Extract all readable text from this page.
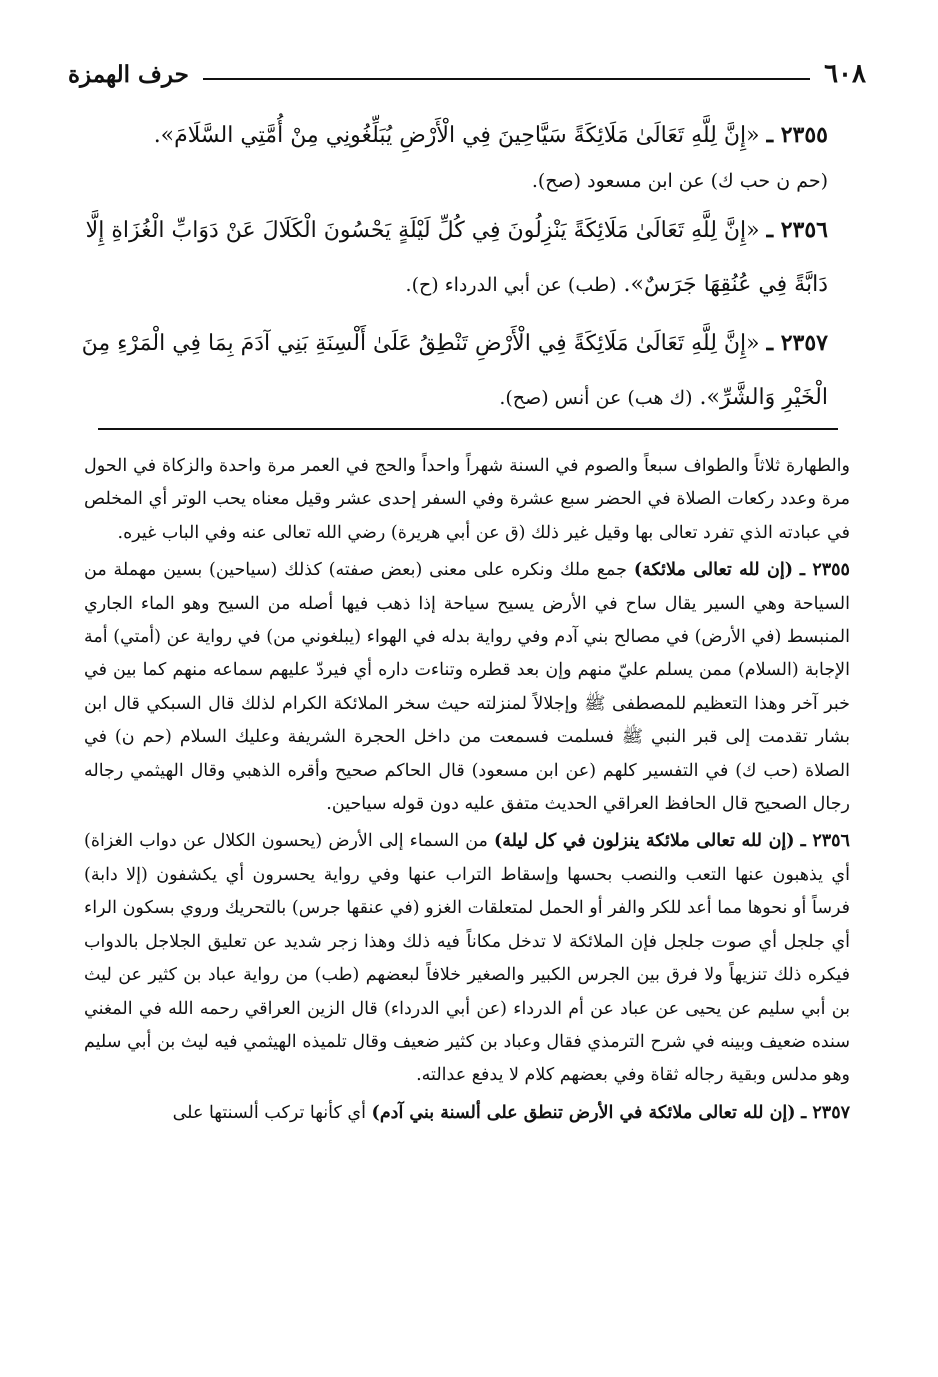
٦٠٨
حرف الهمزة

٢٣٥٥ ـ «إِنَّ لِلَّهِ تَعَالَىٰ مَلَائِكَةً سَيَّاحِينَ فِي الْأَرْضِ يُبَلِّغُونِي مِنْ أُمَّتِي السَّلَامَ».

(حم ن حب ك) عن ابن مسعود (صح).

٢٣٥٦ ـ «إِنَّ لِلَّهِ تَعَالَىٰ مَلَائِكَةً يَنْزِلُونَ فِي كُلِّ لَيْلَةٍ يَحْسُونَ الْكَلَالَ عَنْ دَوَابِّ الْغُزَاةِ إِلَّا دَابَّةً فِي عُنُقِهَا جَرَسٌ». (طب) عن أبي الدرداء (ح).

٢٣٥٧ ـ «إِنَّ لِلَّهِ تَعَالَىٰ مَلَائِكَةً فِي الْأَرْضِ تَنْطِقُ عَلَىٰ أَلْسِنَةِ بَنِي آدَمَ بِمَا فِي الْمَرْءِ مِنَ الْخَيْرِ وَالشَّرِّ». (ك هب) عن أنس (صح).

والطهارة ثلاثاً والطواف سبعاً والصوم في السنة شهراً واحداً والحج في العمر مرة واحدة والزكاة في الحول مرة وعدد ركعات الصلاة في الحضر سبع عشرة وفي السفر إحدى عشر وقيل معناه يحب الوتر أي المخلص في عبادته الذي تفرد تعالى بها وقيل غير ذلك (ق عن أبي هريرة) رضي الله تعالى عنه وفي الباب غيره.

٢٣٥٥ ـ (إن لله تعالى ملائكة) جمع ملك ونكره على معنى (بعض صفته) كذلك (سياحين) بسين مهملة من السياحة وهي السير يقال ساح في الأرض يسيح سياحة إذا ذهب فيها أصله من السيح وهو الماء الجاري المنبسط (في الأرض) في مصالح بني آدم وفي رواية بدله في الهواء (يبلغوني من) في رواية عن (أمتي) أمة الإجابة (السلام) ممن يسلم عليّ منهم وإن بعد قطره وتناءت داره أي فيردّ عليهم سماعه منهم كما بين في خبر آخر وهذا التعظيم للمصطفى ﷺ وإجلالاً لمنزلته حيث سخر الملائكة الكرام لذلك قال السبكي قال ابن بشار تقدمت إلى قبر النبي ﷺ فسلمت فسمعت من داخل الحجرة الشريفة وعليك السلام (حم ن) في الصلاة (حب ك) في التفسير كلهم (عن ابن مسعود) قال الحاكم صحيح وأقره الذهبي وقال الهيثمي رجاله رجال الصحيح قال الحافظ العراقي الحديث متفق عليه دون قوله سياحين.

٢٣٥٦ ـ (إن لله تعالى ملائكة ينزلون في كل ليلة) من السماء إلى الأرض (يحسون الكلال عن دواب الغزاة) أي يذهبون عنها التعب والنصب بحسها وإسقاط التراب عنها وفي رواية يحسرون أي يكشفون (إلا دابة) فرساً أو نحوها مما أعد للكر والفر أو الحمل لمتعلقات الغزو (في عنقها جرس) بالتحريك وروي بسكون الراء أي جلجل أي صوت جلجل فإن الملائكة لا تدخل مكاناً فيه ذلك وهذا زجر شديد عن تعليق الجلاجل بالدواب فيكره ذلك تنزيهاً ولا فرق بين الجرس الكبير والصغير خلافاً لبعضهم (طب) من رواية عباد بن كثير عن ليث بن أبي سليم عن يحيى عن عباد عن أم الدرداء (عن أبي الدرداء) قال الزين العراقي رحمه الله في المغني سنده ضعيف وبينه في شرح الترمذي فقال وعباد بن كثير ضعيف وقال تلميذه الهيثمي فيه ليث بن أبي سليم وهو مدلس وبقية رجاله ثقاة وفي بعضهم كلام لا يدفع عدالته.

٢٣٥٧ ـ (إن لله تعالى ملائكة في الأرض تنطق على ألسنة بني آدم) أي كأنها تركب ألسنتها على
